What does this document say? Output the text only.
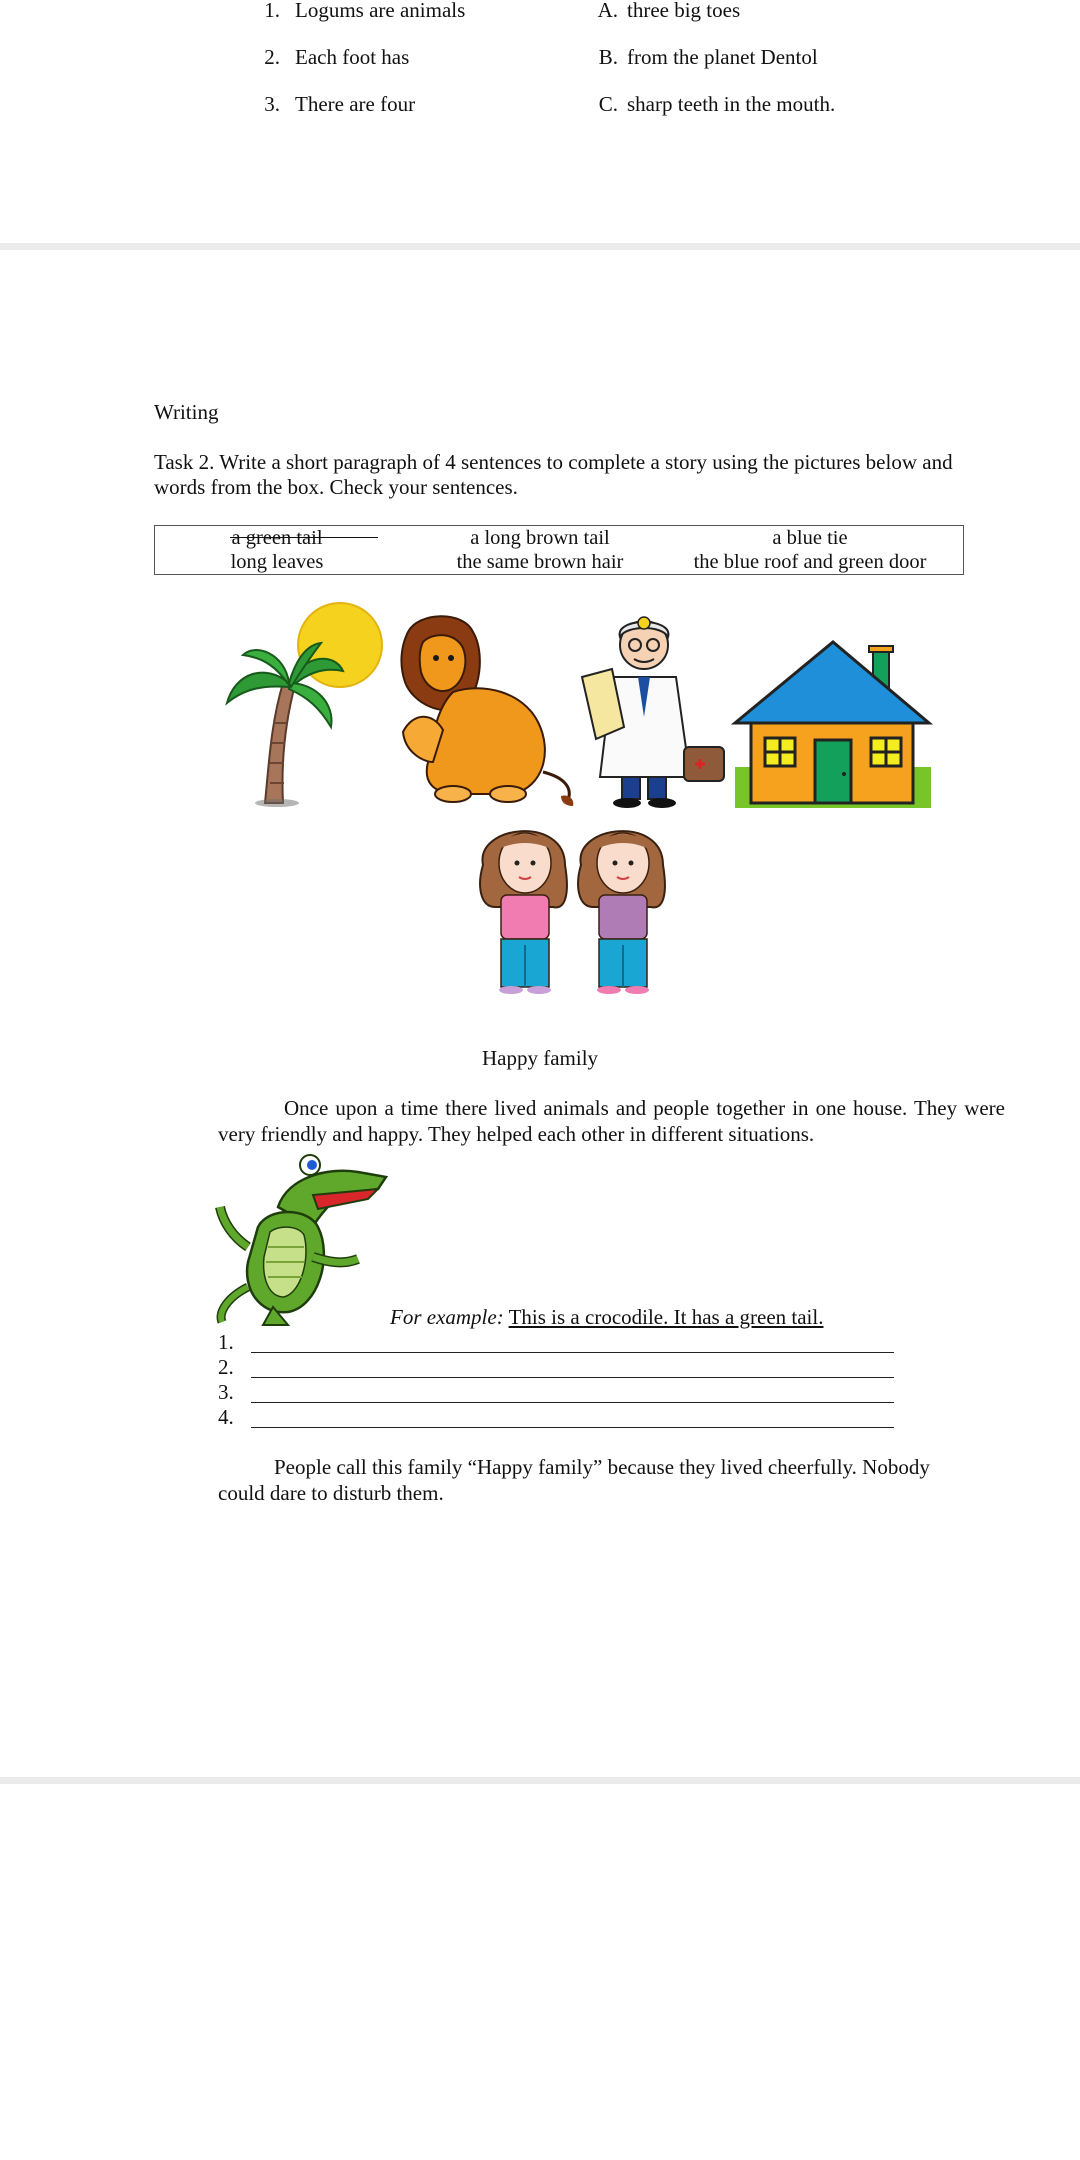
1. Logums are animals	A. three big toes
2. Each foot has	B. from the planet Dentol
3. There are four	C. sharp teeth in the mouth.
Writing
Task 2. Write a short paragraph of 4 sentences to complete a story using the pictures below and words from the box. Check your sentences.
a green tail	a long brown tail	a blue tie
long leaves	the same brown hair	the blue roof and green door
Happy family
Once upon a time there lived animals and people together in one house. They were very friendly and happy. They helped each other in different situations.
For example: This is a crocodile. It has a green tail.
1.
2.
3.
4.
People call this family “Happy family” because they lived cheerfully. Nobody could dare to disturb them.
